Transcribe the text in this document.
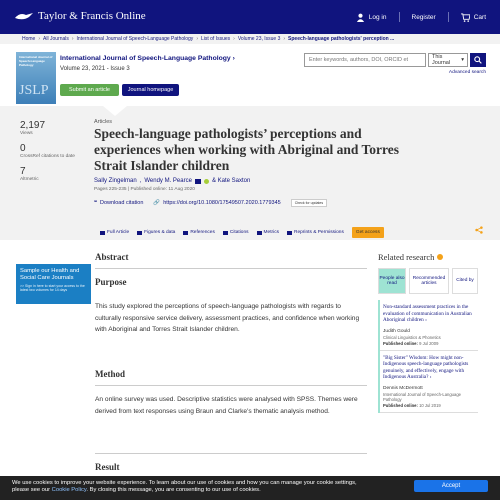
Taylor & Francis Online	Log in	Register	Cart
Home › All Journals › International Journal of Speech-Language Pathology › List of Issues › Volume 23, Issue 3 › Speech-language pathologists' perception ...
International Journal of Speech-Language Pathology
JSLP
International Journal of Speech-Language Pathology ›
Volume 23, 2021 - Issue 3
Submit an article	Journal homepage
Enter keywords, authors, DOI, ORCID et	This Journal	▾
Advanced search
2,197
Views
0
CrossRef citations to date
7
Altmetric
Articles
Speech-language pathologists’ perceptions and experiences when working with Abriginal and Torres Strait Islander children
Sally Zingelman , Wendy M. Pearce	& Kate Saxton
Pages 225-235 | Published online: 11 Aug 2020
❝ Download citation 🔗 https://doi.org/10.1080/17549507.2020.1779345	Check for updates
Full Article	Figures & data	References	Citations	Metrics	Reprints & Permissions	Get access
Sample our Health and Social Care Journals
>> Sign in here to start your access to the latest two volumes for 14 days
Abstract
Purpose

This study explored the perceptions of speech-language pathologists with regards to culturally responsive service delivery, assessment practices, and confidence when working with Aboriginal and Torres Strait Islander children.

Method

An online survey was used. Descriptive statistics were analysed with SPSS. Themes were derived from text responses using Braun and Clarke's thematic analysis method.

Result
Related research
People also read
Recommended articles
Cited by
Non-standard assessment practices in the evaluation of communication in Australian Aboriginal children ›
Judith Gould
Clinical Linguistics & Phonetics
Published online: 9 Jul 2009
"Big Sister" Wisdom: How might non-Indigenous speech-language pathologists genuinely, and effectively, engage with Indigenous Australia? ›
Dennis McDermott
International Journal of Speech-Language Pathology
Published online: 10 Jul 2019
We use cookies to improve your website experience. To learn about our use of cookies and how you can manage your cookie settings,
please see our Cookie Policy. By closing this message, you are consenting to our use of cookies.
Accept
